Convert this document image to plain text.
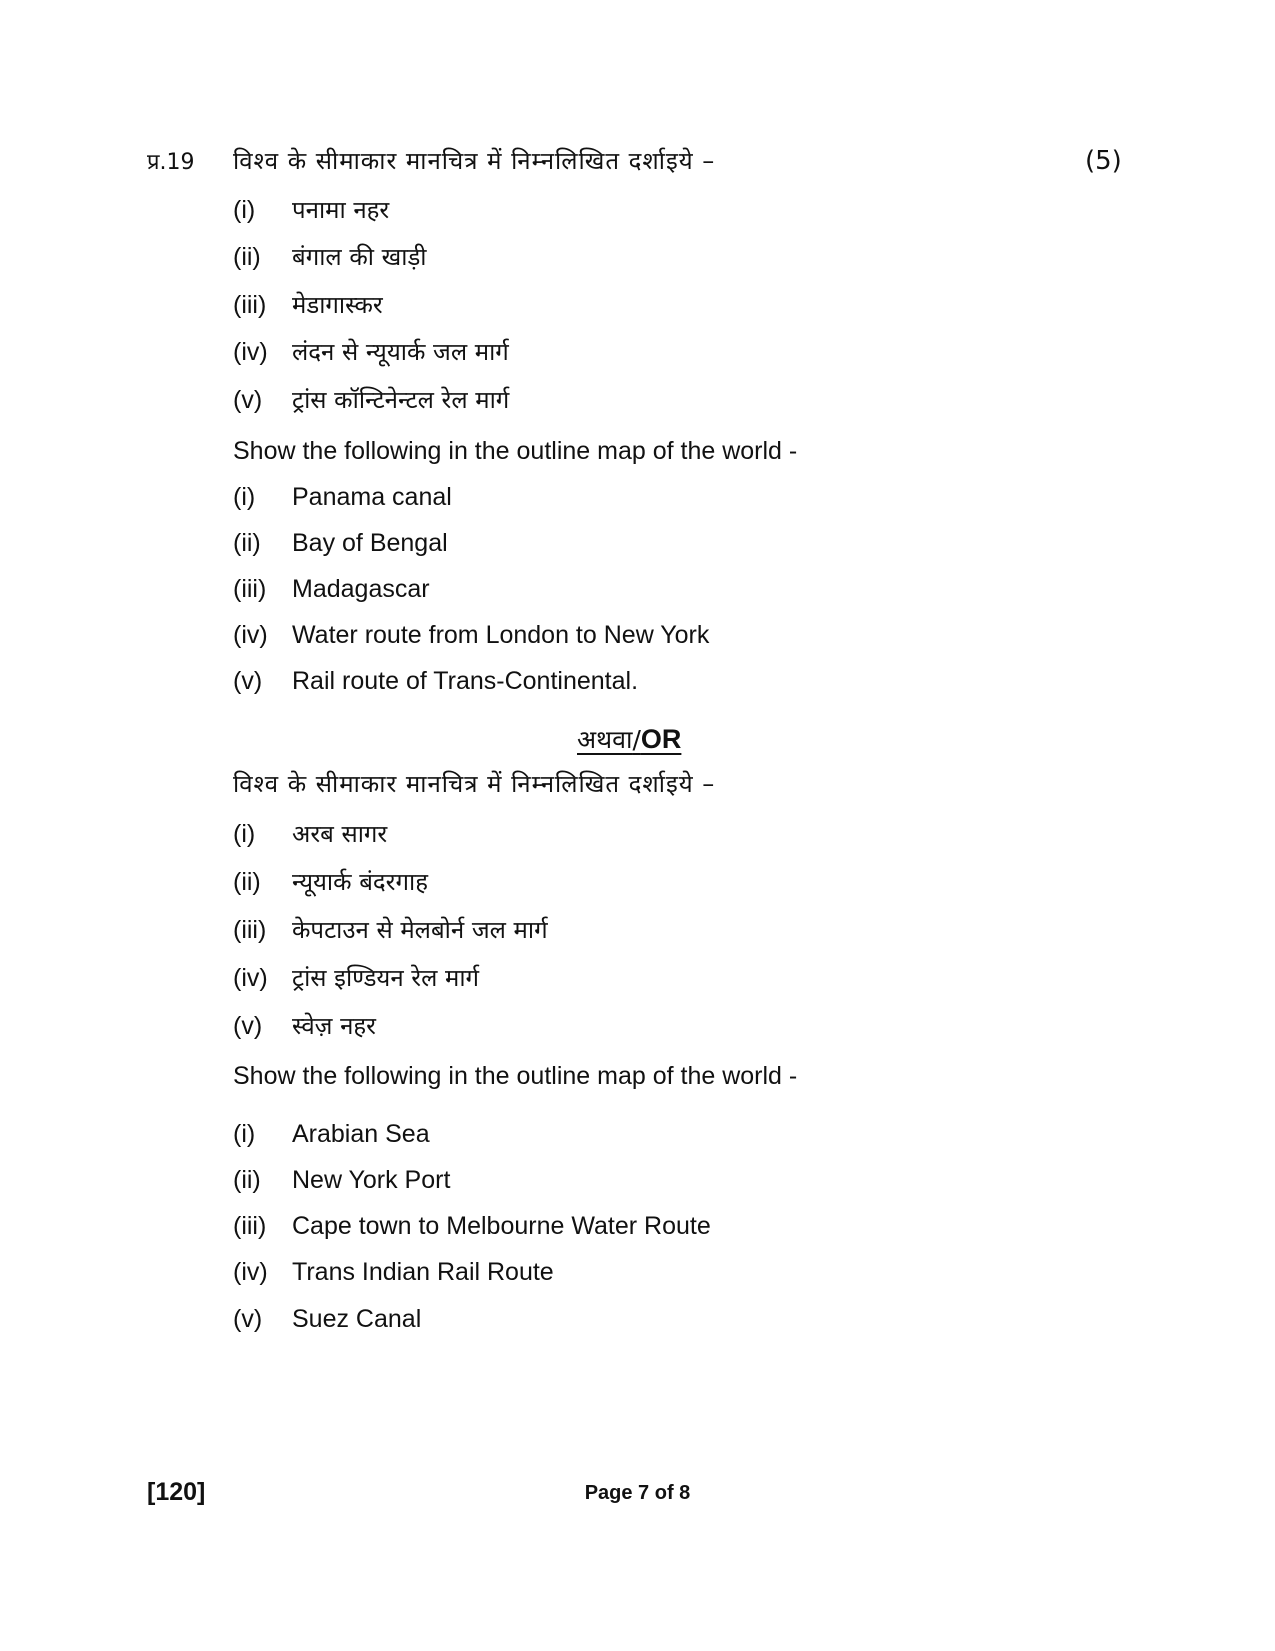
प्र.19 विश्व के सीमाकार मानचित्र में निम्नलिखित दर्शाइये –	(5)
(i)	पनामा नहर
(ii)	बंगाल की खाड़ी
(iii)	मेडागास्कर
(iv)	लंदन से न्यूयार्क जल मार्ग
(v)	ट्रांस कॉन्टिनेन्टल रेल मार्ग
Show the following in the outline map of the world -
(i)	Panama canal
(ii)	Bay of Bengal
(iii)	Madagascar
(iv) Water route from London to New York
(v)	Rail route of Trans-Continental.
अथवा/OR
विश्व के सीमाकार मानचित्र में निम्नलिखित दर्शाइये –
(i)	अरब सागर
(ii)	न्यूयार्क बंदरगाह
(iii)	केपटाउन से मेलबोर्न जल मार्ग
(iv)	ट्रांस इण्डियन रेल मार्ग
(v)	स्वेज़ नहर
Show the following in the outline map of the world -
(i)	Arabian Sea
(ii)	New York Port
(iii)	Cape town to Melbourne Water Route
(iv) Trans Indian Rail Route
(v)	Suez Canal
[120]	Page 7 of 8
